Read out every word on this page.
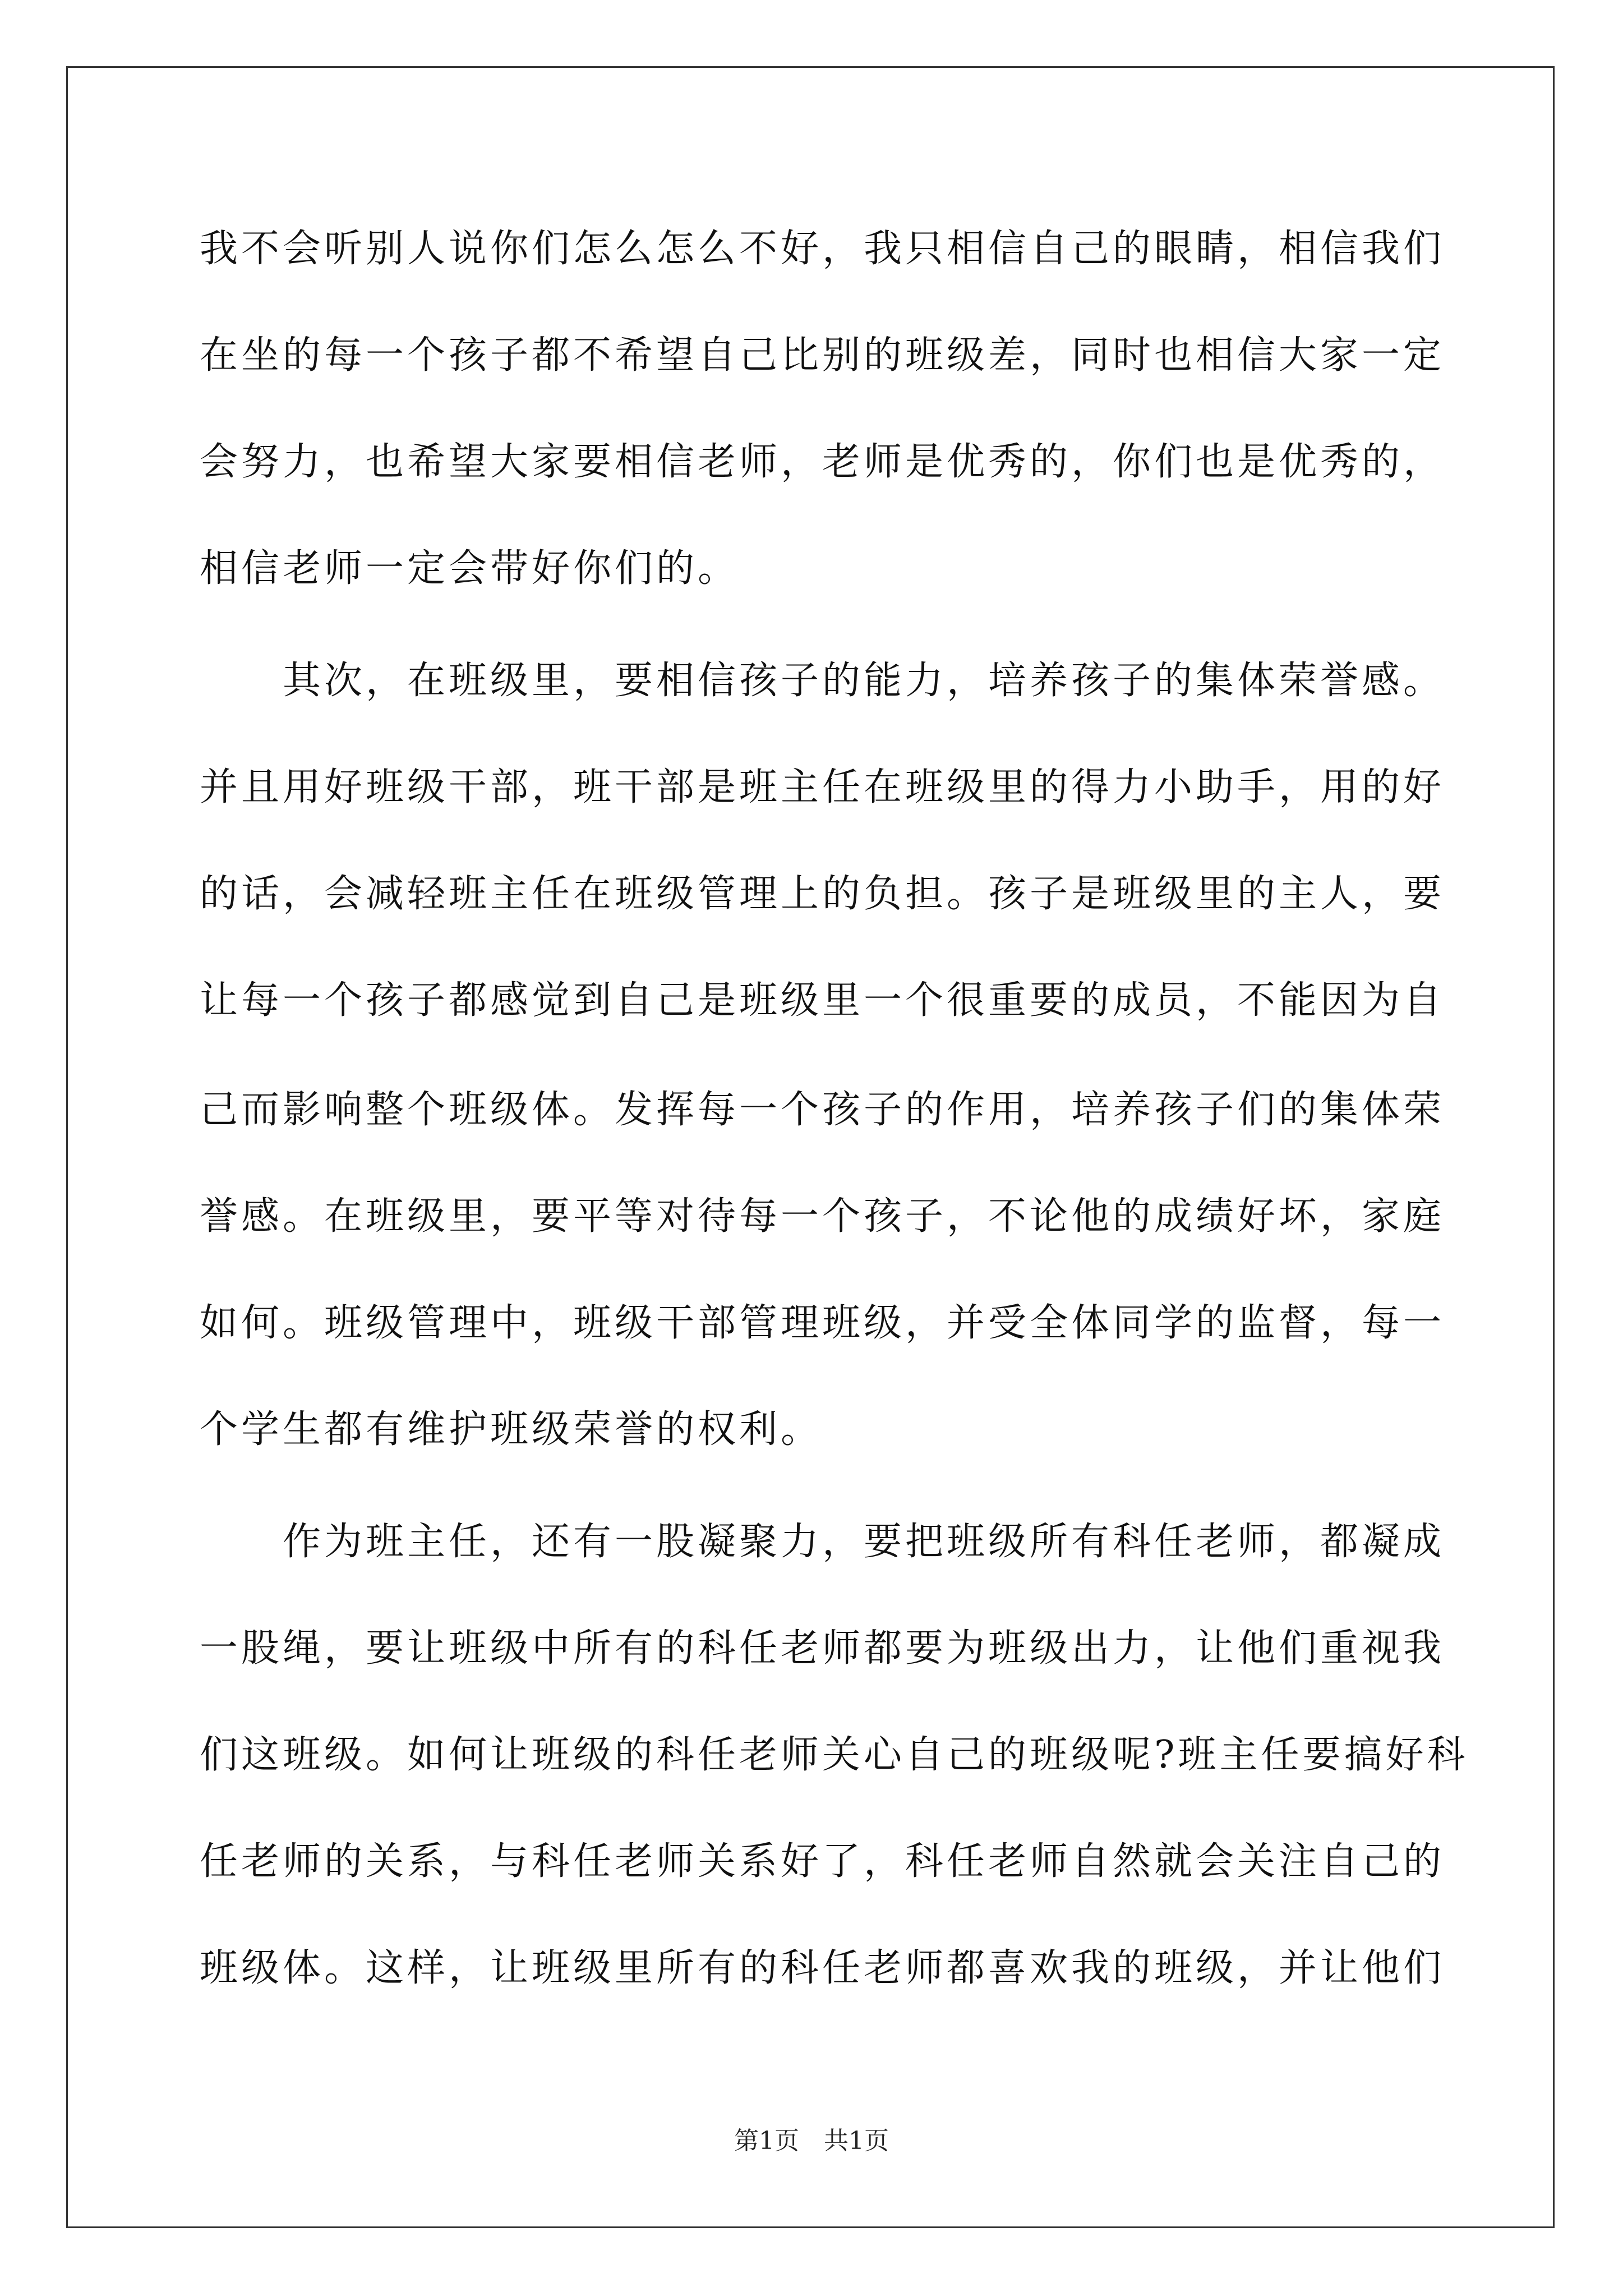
我不会听别人说你们怎么怎么不好，我只相信自己的眼睛，相信我们
在坐的每一个孩子都不希望自己比别的班级差，同时也相信大家一定
会努力，也希望大家要相信老师，老师是优秀的，你们也是优秀的，
相信老师一定会带好你们的。
　　其次，在班级里，要相信孩子的能力，培养孩子的集体荣誉感。
并且用好班级干部，班干部是班主任在班级里的得力小助手，用的好
的话，会减轻班主任在班级管理上的负担。孩子是班级里的主人，要
让每一个孩子都感觉到自己是班级里一个很重要的成员，不能因为自
己而影响整个班级体。发挥每一个孩子的作用，培养孩子们的集体荣
誉感。在班级里，要平等对待每一个孩子，不论他的成绩好坏，家庭
如何。班级管理中，班级干部管理班级，并受全体同学的监督，每一
个学生都有维护班级荣誉的权利。
　　作为班主任，还有一股凝聚力，要把班级所有科任老师，都凝成
一股绳，要让班级中所有的科任老师都要为班级出力，让他们重视我
们这班级。如何让班级的科任老师关心自己的班级呢?班主任要搞好科
任老师的关系，与科任老师关系好了，科任老师自然就会关注自己的
班级体。这样，让班级里所有的科任老师都喜欢我的班级，并让他们
第1页　共1页
